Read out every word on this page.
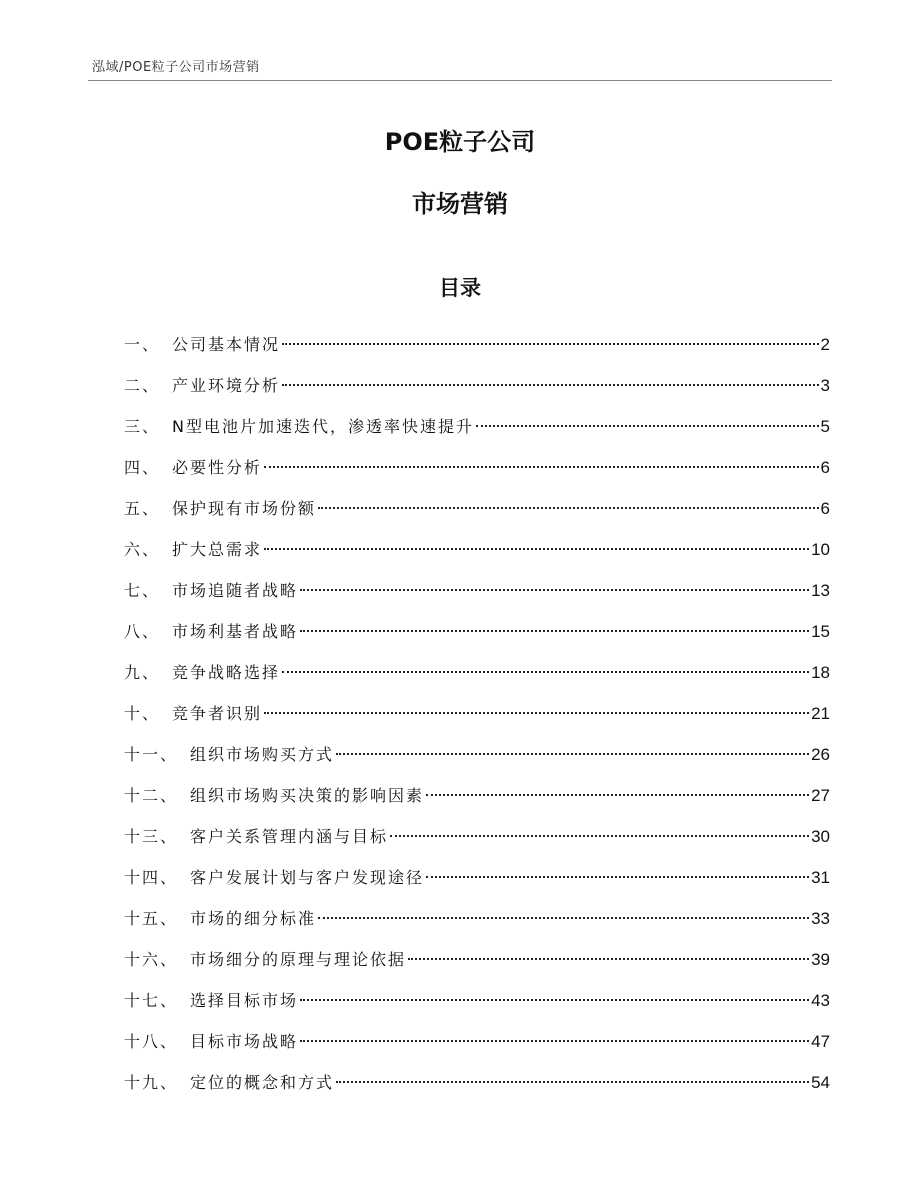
泓域/POE粒子公司市场营销
POE粒子公司
市场营销
目录
一、 公司基本情况	2
二、 产业环境分析	3
三、 N型电池片加速迭代，渗透率快速提升	5
四、 必要性分析	6
五、 保护现有市场份额	6
六、 扩大总需求	10
七、 市场追随者战略	13
八、 市场利基者战略	15
九、 竞争战略选择	18
十、 竞争者识别	21
十一、 组织市场购买方式	26
十二、 组织市场购买决策的影响因素	27
十三、 客户关系管理内涵与目标	30
十四、 客户发展计划与客户发现途径	31
十五、 市场的细分标准	33
十六、 市场细分的原理与理论依据	39
十七、 选择目标市场	43
十八、 目标市场战略	47
十九、 定位的概念和方式	54
